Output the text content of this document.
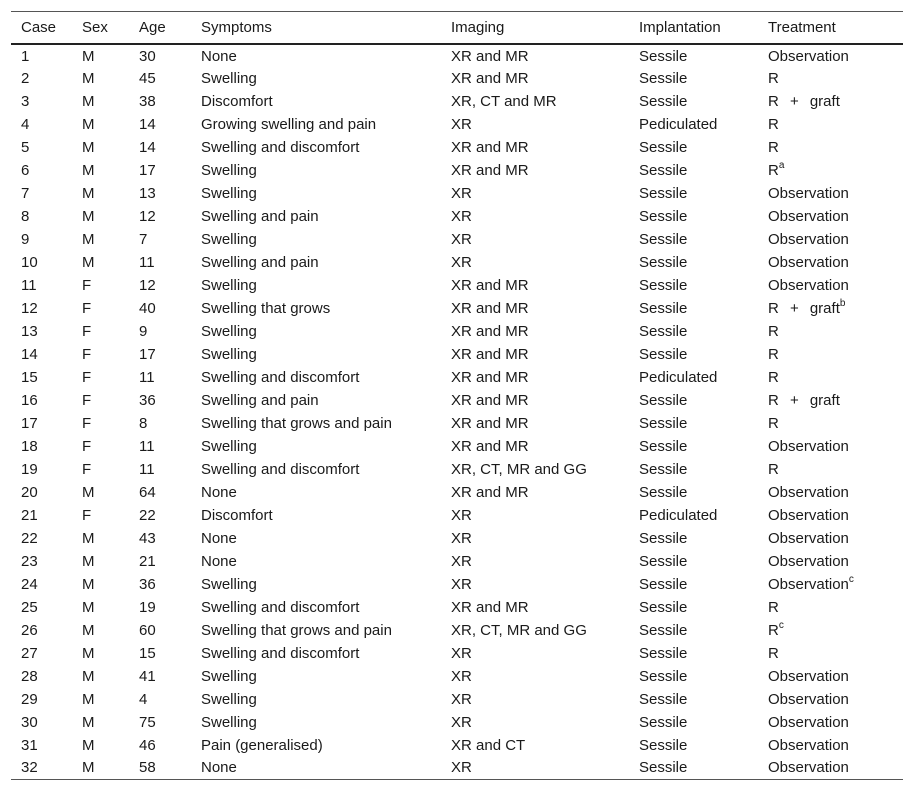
Case	Sex	Age	Symptoms	Imaging	Implantation	Treatment
1	M	30	None	XR and MR	Sessile	Observation
2	M	45	Swelling	XR and MR	Sessile	R
3	M	38	Discomfort	XR, CT and MR	Sessile	R + graft
4	M	14	Growing swelling and pain	XR	Pediculated	R
5	M	14	Swelling and discomfort	XR and MR	Sessile	R
6	M	17	Swelling	XR and MR	Sessile	$R^a$
7	M	13	Swelling	XR	Sessile	Observation
8	M	12	Swelling and pain	XR	Sessile	Observation
9	M	7	Swelling	XR	Sessile	Observation
10	M	11	Swelling and pain	XR	Sessile	Observation
11	F	12	Swelling	XR and MR	Sessile	Observation
12	F	40	Swelling that grows	XR and MR	Sessile	R + graft$^b$
13	F	9	Swelling	XR and MR	Sessile	R
14	F	17	Swelling	XR and MR	Sessile	R
15	F	11	Swelling and discomfort	XR and MR	Pediculated	R
16	F	36	Swelling and pain	XR and MR	Sessile	R + graft
17	F	8	Swelling that grows and pain	XR and MR	Sessile	R
18	F	11	Swelling	XR and MR	Sessile	Observation
19	F	11	Swelling and discomfort	XR, CT, MR and GG	Sessile	R
20	M	64	None	XR and MR	Sessile	Observation
21	F	22	Discomfort	XR	Pediculated	Observation
22	M	43	None	XR	Sessile	Observation
23	M	21	None	XR	Sessile	Observation
24	M	36	Swelling	XR	Sessile	Observation$^c$
25	M	19	Swelling and discomfort	XR and MR	Sessile	R
26	M	60	Swelling that grows and pain	XR, CT, MR and GG	Sessile	$R^c$
27	M	15	Swelling and discomfort	XR	Sessile	R
28	M	41	Swelling	XR	Sessile	Observation
29	M	4	Swelling	XR	Sessile	Observation
30	M	75	Swelling	XR	Sessile	Observation
31	M	46	Pain (generalised)	XR and CT	Sessile	Observation
32	M	58	None	XR	Sessile	Observation
